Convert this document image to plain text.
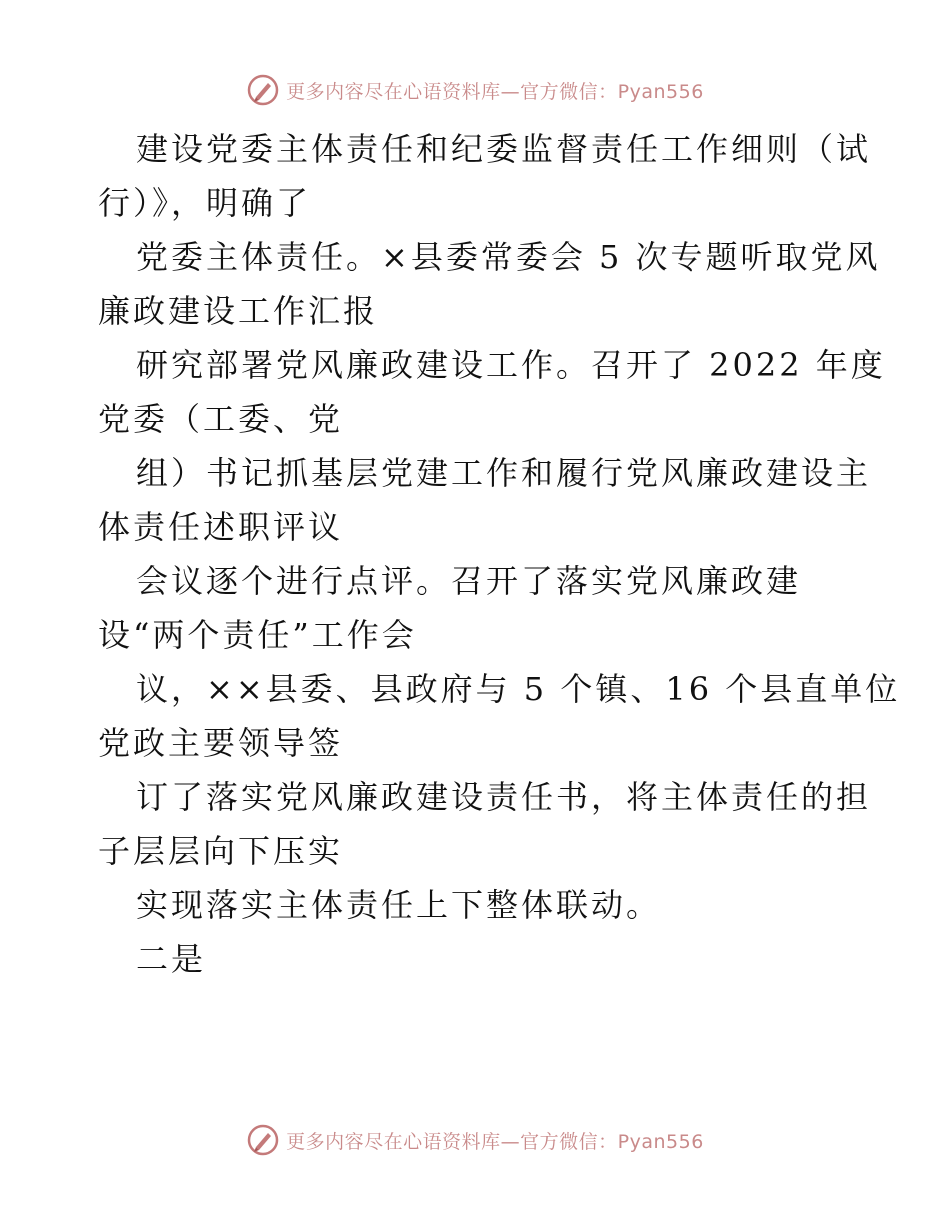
更多内容尽在心语资料库—官方微信：Pyan556
建设党委主体责任和纪委监督责任工作细则（试
行）》，明确了
党委主体责任。×县委常委会 5 次专题听取党风
廉政建设工作汇报
研究部署党风廉政建设工作。召开了 2022 年度
党委（工委、党
组）书记抓基层党建工作和履行党风廉政建设主
体责任述职评议
会议逐个进行点评。召开了落实党风廉政建
设“两个责任”工作会
议，××县委、县政府与 5 个镇、16 个县直单位
党政主要领导签
订了落实党风廉政建设责任书，将主体责任的担
子层层向下压实
实现落实主体责任上下整体联动。
二是
更多内容尽在心语资料库—官方微信：Pyan556
